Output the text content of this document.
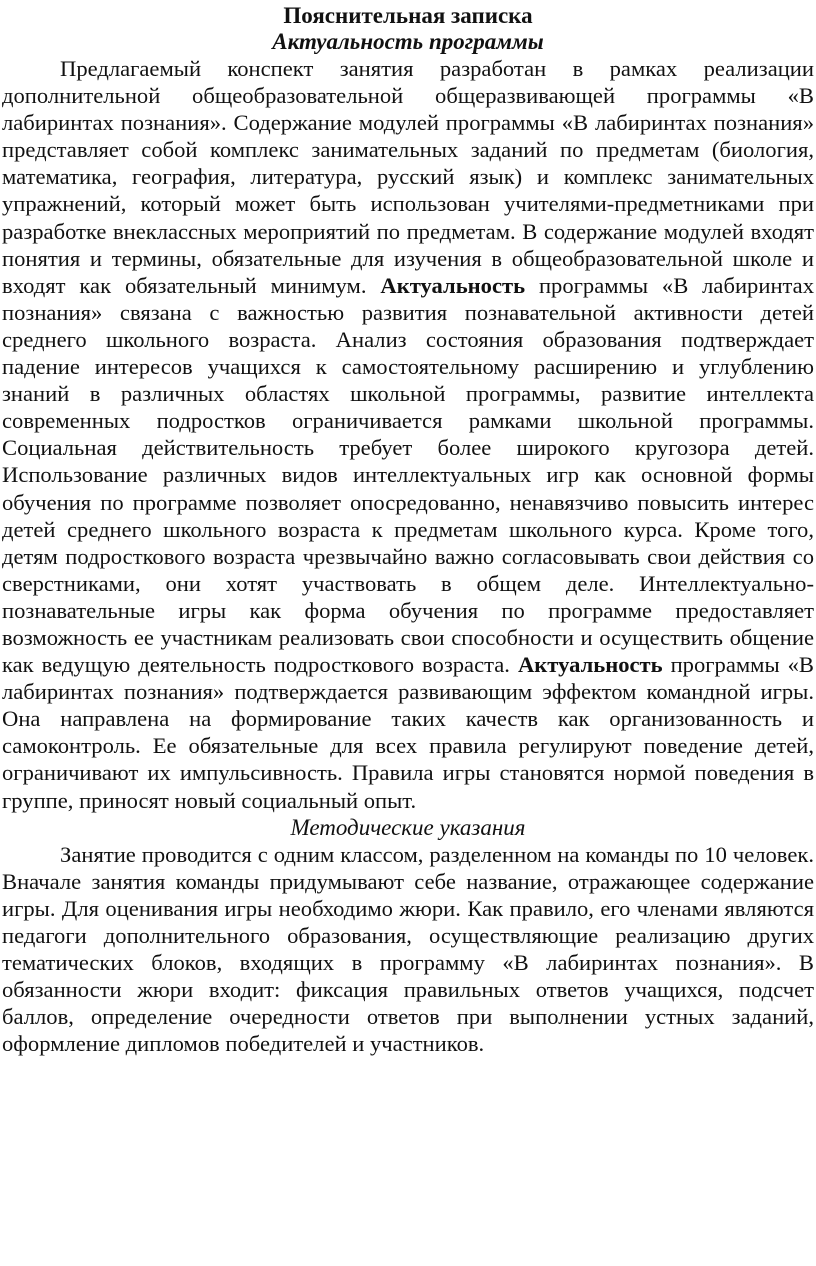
Пояснительная записка

Актуальность программы

Предлагаемый конспект занятия разработан в рамках реализации дополнительной общеобразовательной общеразвивающей программы «В лабиринтах познания». Содержание модулей программы «В лабиринтах познания» представляет собой комплекс занимательных заданий по предметам (биология, математика, география, литература, русский язык) и комплекс занимательных упражнений, который может быть использован учителями-предметниками при разработке внеклассных мероприятий по предметам. В содержание модулей входят понятия и термины, обязательные для изучения в общеобразовательной школе и входят как обязательный минимум. Актуальность программы «В лабиринтах познания» связана с важностью развития познавательной активности детей среднего школьного возраста. Анализ состояния образования подтверждает падение интересов учащихся к самостоятельному расширению и углублению знаний в различных областях школьной программы, развитие интеллекта современных подростков ограничивается рамками школьной программы. Социальная действительность требует более широкого кругозора детей. Использование различных видов интеллектуальных игр как основной формы обучения по программе позволяет опосредованно, ненавязчиво повысить интерес детей среднего школьного возраста к предметам школьного курса. Кроме того, детям подросткового возраста чрезвычайно важно согласовывать свои действия со сверстниками, они хотят участвовать в общем деле. Интеллектуально-познавательные игры как форма обучения по программе предоставляет возможность ее участникам реализовать свои способности и осуществить общение как ведущую деятельность подросткового возраста. Актуальность программы «В лабиринтах познания» подтверждается развивающим эффектом командной игры. Она направлена на формирование таких качеств как организованность и самоконтроль. Ее обязательные для всех правила регулируют поведение детей, ограничивают их импульсивность. Правила игры становятся нормой поведения в группе, приносят новый социальный опыт.

Методические указания

Занятие проводится с одним классом, разделенном на команды по 10 человек. Вначале занятия команды придумывают себе название, отражающее содержание игры. Для оценивания игры необходимо жюри. Как правило, его членами являются педагоги дополнительного образования, осуществляющие реализацию других тематических блоков, входящих в программу «В лабиринтах познания». В обязанности жюри входит: фиксация правильных ответов учащихся, подсчет баллов, определение очередности ответов при выполнении устных заданий, оформление дипломов победителей и участников.
